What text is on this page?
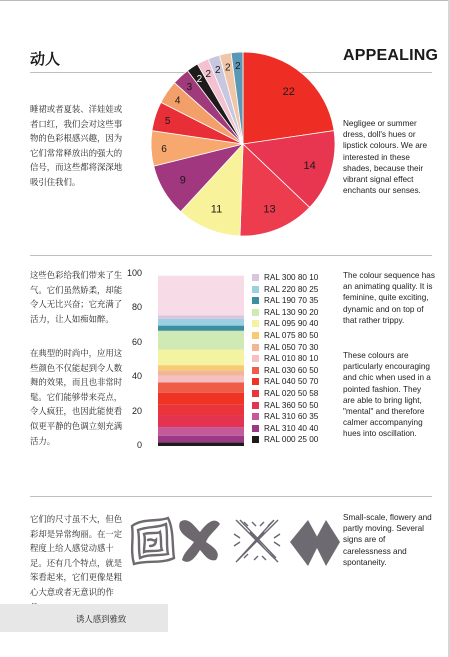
动人	APPEALING
睡裙或者夏装、洋娃娃或者口红，我们会对这些事物的色彩根感兴趣，因为它们常常释放出的强大的信号，而这些都将深深地吸引住我们。
22
14
13
11
9
6
5
4
3
2 2 2 2 2
Negligee or summer dress, doll's hues or lipstick colours. We are interested in these shades, because their vibrant signal effect enchants our senses.
这些色彩给我们带来了生气。它们虽然娇柔，却能令人无比兴奋；它充满了活力，让人如痴如醉。
在典型的时尚中，应用这些颜色不仅能起到令人数舞的效果，而且也非常时髦。它们能够带来亮点，令人疯狂，也因此能使看似更平静的色调立刻充满活力。	0
20
40
60
80
100	RAL 300 80 10
RAL 220 80 25
RAL 190 70 35
RAL 130 90 20
RAL 095 90 40
RAL 075 80 50
RAL 050 70 30
RAL 010 80 10
RAL 030 60 50
RAL 040 50 70
RAL 020 50 58
RAL 360 50 50
RAL 310 60 35
RAL 310 40 40
RAL 000 25 00
The colour sequence has an animating quality. It is feminine, quite exciting, dynamic and on top of that rather trippy.
These colours are particularly encouraging and chic when used in a pointed fashion. They are able to bring light, "mental" and therefore calmer accompanying hues into oscillation.
它们的尺寸虽不大，但色彩却是异常绚丽。在一定程度上给人感觉动感十足。还有几个特点，就是笨看起来，它们更像是粗心大意或者无意识的作
Small-scale, flowery and partly moving. Several signs are of carelessness and spontaneity.
诱人感到雅致
